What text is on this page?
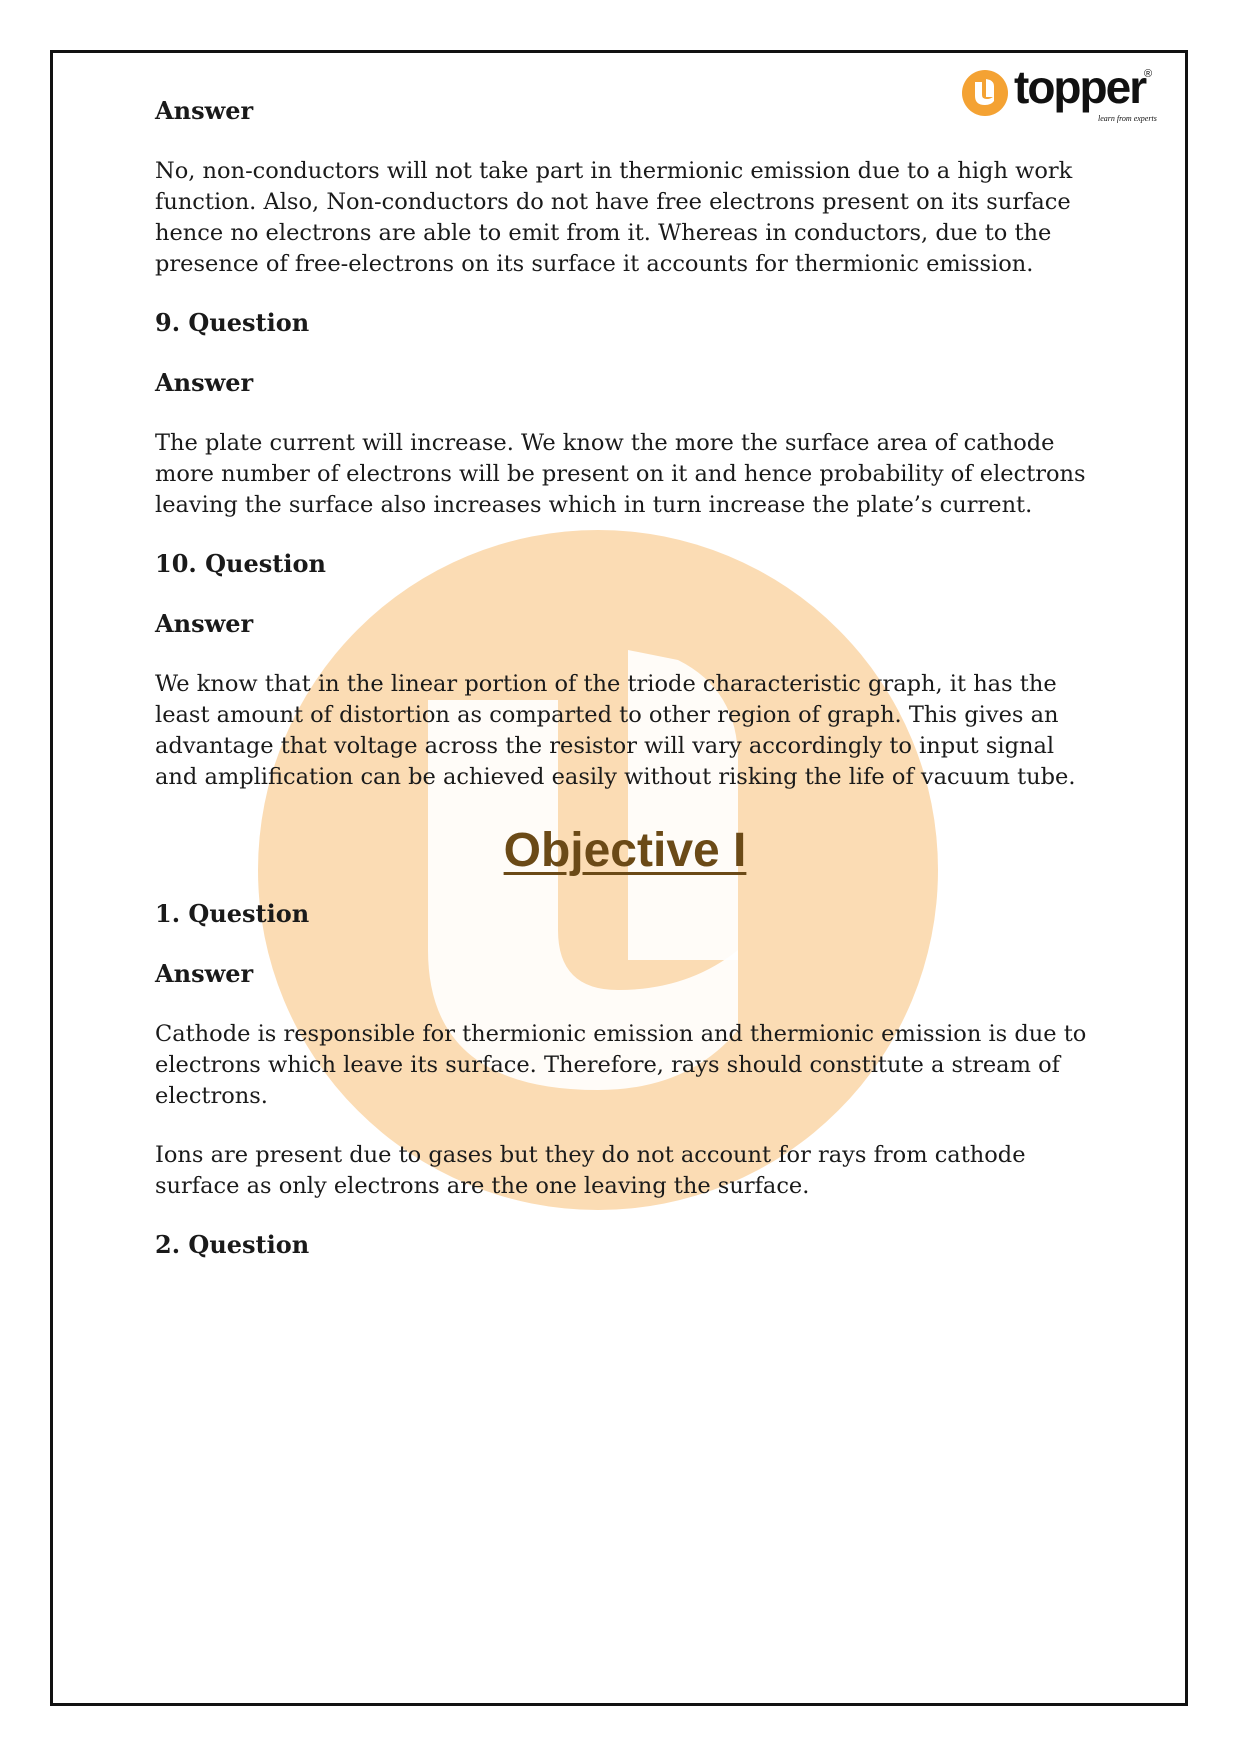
topper
®
learn from experts
Answer
No, non-conductors will not take part in thermionic emission due to a high work function. Also, Non-conductors do not have free electrons present on its surface hence no electrons are able to emit from it. Whereas in conductors, due to the presence of free-electrons on its surface it accounts for thermionic emission.
9. Question
Answer
The plate current will increase. We know the more the surface area of cathode more number of electrons will be present on it and hence probability of electrons leaving the surface also increases which in turn increase the plate’s current.
10. Question
Answer
We know that in the linear portion of the triode characteristic graph, it has the least amount of distortion as comparted to other region of graph. This gives an advantage that voltage across the resistor will vary accordingly to input signal and amplification can be achieved easily without risking the life of vacuum tube.
Objective I
1. Question
Answer
Cathode is responsible for thermionic emission and thermionic emission is due to electrons which leave its surface. Therefore, rays should constitute a stream of electrons.
Ions are present due to gases but they do not account for rays from cathode surface as only electrons are the one leaving the surface.
2. Question
